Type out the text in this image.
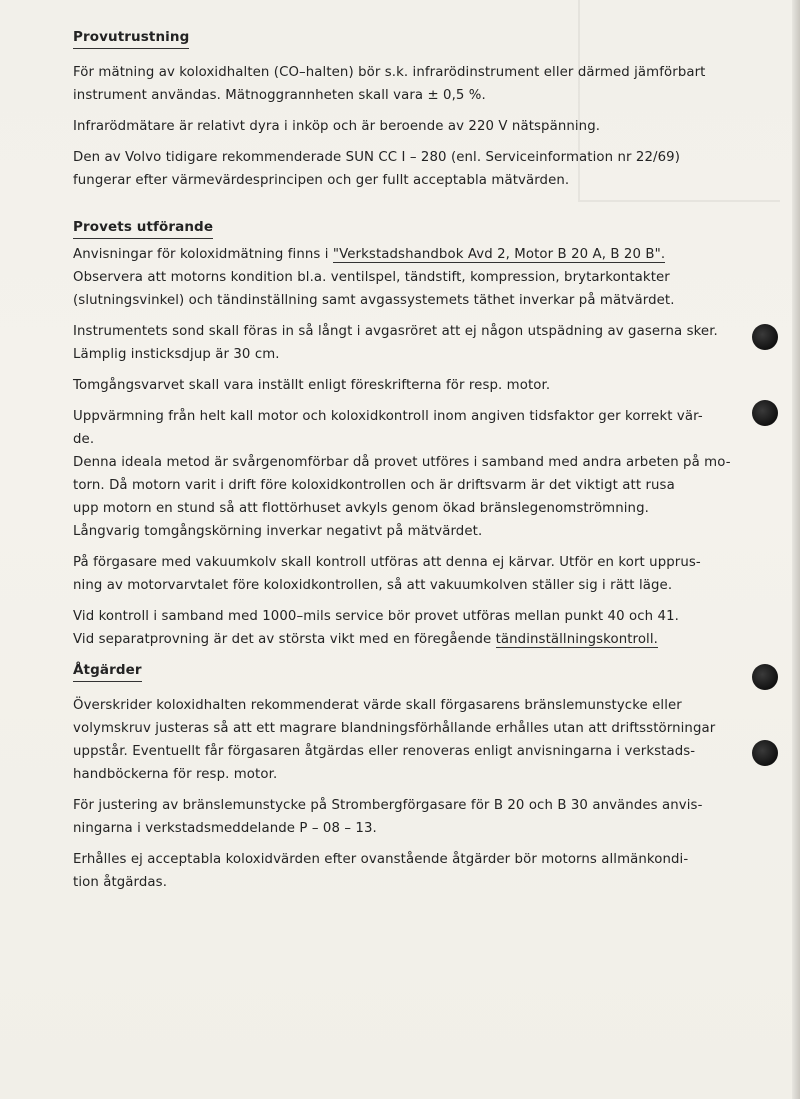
Provutrustning
För mätning av koloxidhalten (CO–halten) bör s.k. infrarödinstrument eller därmed jämförbart
instrument användas. Mätnoggrannheten skall vara ± 0,5 %.
Infrarödmätare är relativt dyra i inköp och är beroende av 220 V nätspänning.
Den av Volvo tidigare rekommenderade SUN CC I – 280 (enl. Serviceinformation nr 22/69)
fungerar efter värmevärdesprincipen och ger fullt acceptabla mätvärden.
Provets utförande
Anvisningar för koloxidmätning finns i "Verkstadshandbok Avd 2, Motor B 20 A, B 20 B".
Observera att motorns kondition bl.a. ventilspel, tändstift, kompression, brytarkontakter
(slutningsvinkel) och tändinställning samt avgassystemets täthet inverkar på mätvärdet.
Instrumentets sond skall föras in så långt i avgasröret att ej någon utspädning av gaserna sker.
Lämplig insticksdjup är 30 cm.
Tomgångsvarvet skall vara inställt enligt föreskrifterna för resp. motor.
Uppvärmning från helt kall motor och koloxidkontroll inom angiven tidsfaktor ger korrekt vär-
de.
Denna ideala metod är svårgenomförbar då provet utföres i samband med andra arbeten på mo-
torn. Då motorn varit i drift före koloxidkontrollen och är driftsvarm är det viktigt att rusa
upp motorn en stund så att flottörhuset avkyls genom ökad bränslegenomströmning.
Långvarig tomgångskörning inverkar negativt på mätvärdet.
På förgasare med vakuumkolv skall kontroll utföras att denna ej kärvar. Utför en kort upprus-
ning av motorvarvtalet före koloxidkontrollen, så att vakuumkolven ställer sig i rätt läge.
Vid kontroll i samband med 1000–mils service bör provet utföras mellan punkt 40 och 41.
Vid separatprovning är det av största vikt med en föregående tändinställningskontroll.
Åtgärder
Överskrider koloxidhalten rekommenderat värde skall förgasarens bränslemunstycke eller
volymskruv justeras så att ett magrare blandningsförhållande erhålles utan att driftsstörningar
uppstår. Eventuellt får förgasaren åtgärdas eller renoveras enligt anvisningarna i verkstads-
handböckerna för resp. motor.
För justering av bränslemunstycke på Strombergförgasare för B 20 och B 30 användes anvis-
ningarna i verkstadsmeddelande P – 08 – 13.
Erhålles ej acceptabla koloxidvärden efter ovanstående åtgärder bör motorns allmänkondi-
tion åtgärdas.
